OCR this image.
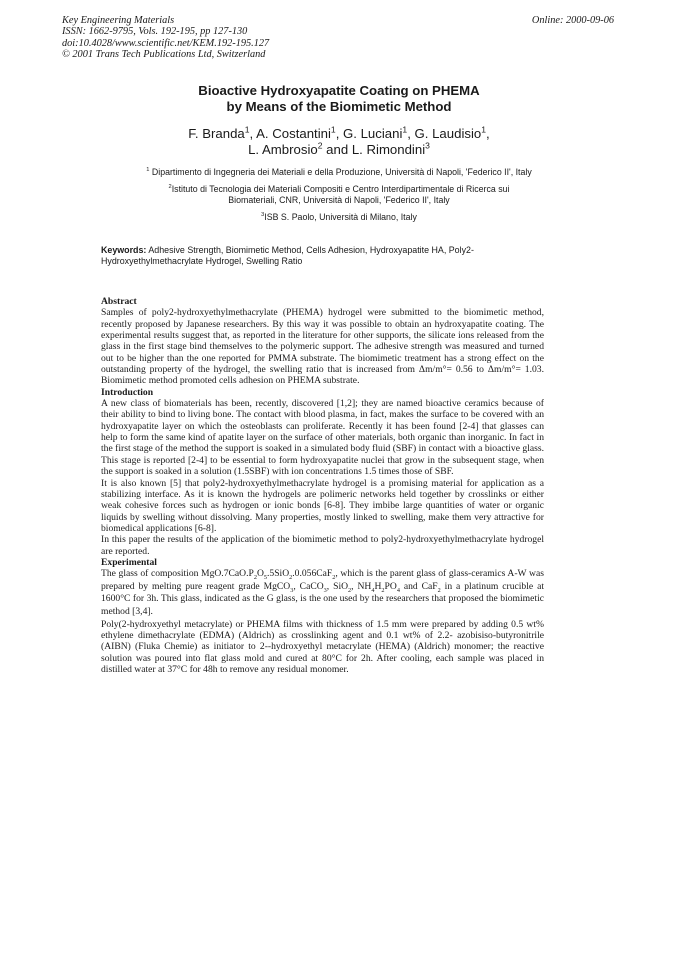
Key Engineering Materials
ISSN: 1662-9795, Vols. 192-195, pp 127-130
doi:10.4028/www.scientific.net/KEM.192-195.127
© 2001 Trans Tech Publications Ltd, Switzerland
Online: 2000-09-06
Bioactive Hydroxyapatite Coating on PHEMA
by Means of the Biomimetic Method
F. Branda$^1$, A. Costantini$^1$, G. Luciani$^1$, G. Laudisio$^1$,
L. Ambrosio$^2$ and L. Rimondini$^3$
$^1$ Dipartimento di Ingegneria dei Materiali e della Produzione, Università di Napoli, 'Federico II', Italy
$^2$Istituto di Tecnologia dei Materiali Compositi e Centro Interdipartimentale di Ricerca sui
Biomateriali, CNR, Università di Napoli, 'Federico II', Italy
$^3$ISB S. Paolo, Università di Milano, Italy
Keywords: Adhesive Strength, Biomimetic Method, Cells Adhesion, Hydroxyapatite HA, Poly2-Hydroxyethylmethacrylate Hydrogel, Swelling Ratio
Abstract

Samples of poly2-hydroxyethylmethacrylate (PHEMA) hydrogel were submitted to the biomimetic method, recently proposed by Japanese researchers. By this way it was possible to obtain an hydroxyapatite coating. The experimental results suggest that, as reported in the literature for other supports, the silicate ions released from the glass in the first stage bind themselves to the polymeric support. The adhesive strength was measured and turned out to be higher than the one reported for PMMA substrate. The biomimetic treatment has a strong effect on the outstanding property of the hydrogel, the swelling ratio that is increased from Δm/m°= 0.56 to Δm/m°= 1.03. Biomimetic method promoted cells adhesion on PHEMA substrate.

Introduction

A new class of biomaterials has been, recently, discovered [1,2]; they are named bioactive ceramics because of their ability to bind to living bone. The contact with blood plasma, in fact, makes the surface to be covered with an hydroxyapatite layer on which the osteoblasts can proliferate. Recently it has been found [2-4] that glasses can help to form the same kind of apatite layer on the surface of other materials, both organic than inorganic. In fact in the first stage of the method the support is soaked in a simulated body fluid (SBF) in contact with a bioactive glass. This stage is reported [2-4] to be essential to form hydroxyapatite nuclei that grow in the subsequent stage, when the support is soaked in a solution (1.5SBF) with ion concentrations 1.5 times those of SBF.

It is also known [5] that poly2-hydroxyethylmethacrylate hydrogel is a promising material for application as a stabilizing interface. As it is known the hydrogels are polimeric networks held together by crosslinks or either weak cohesive forces such as hydrogen or ionic bonds [6-8]. They imbibe large quantities of water or organic liquids by swelling without dissolving. Many properties, mostly linked to swelling, make them very attractive for biomedical applications [6-8].

In this paper the results of the application of the biomimetic method to poly2-hydroxyethylmethacrylate hydrogel are reported.

Experimental

The glass of composition $MgO.7CaO.P_2O_5.5SiO_2.0.056CaF_2$, which is the parent glass of glass-ceramics A-W was prepared by melting pure reagent grade MgCO$_3$, CaCO$_3$, SiO$_2$, $NH_4H_2PO_4$ and CaF$_2$ in a platinum crucible at 1600°C for 3h. This glass, indicated as the G glass, is the one used by the researchers that proposed the biomimetic method [3,4].

Poly(2-hydroxyethyl metacrylate) or PHEMA films with thickness of 1.5 mm were prepared by adding 0.5 wt% ethylene dimethacrylate (EDMA) (Aldrich) as crosslinking agent and 0.1 wt% of 2.2- azobisiso-butyronitrile (AIBN) (Fluka Chemie) as initiator to 2--hydroxyethyl metacrylate (HEMA) (Aldrich) monomer; the reactive solution was poured into flat glass mold and cured at 80°C for 2h. After cooling, each sample was placed in distilled water at 37°C for 48h to remove any residual monomer.
